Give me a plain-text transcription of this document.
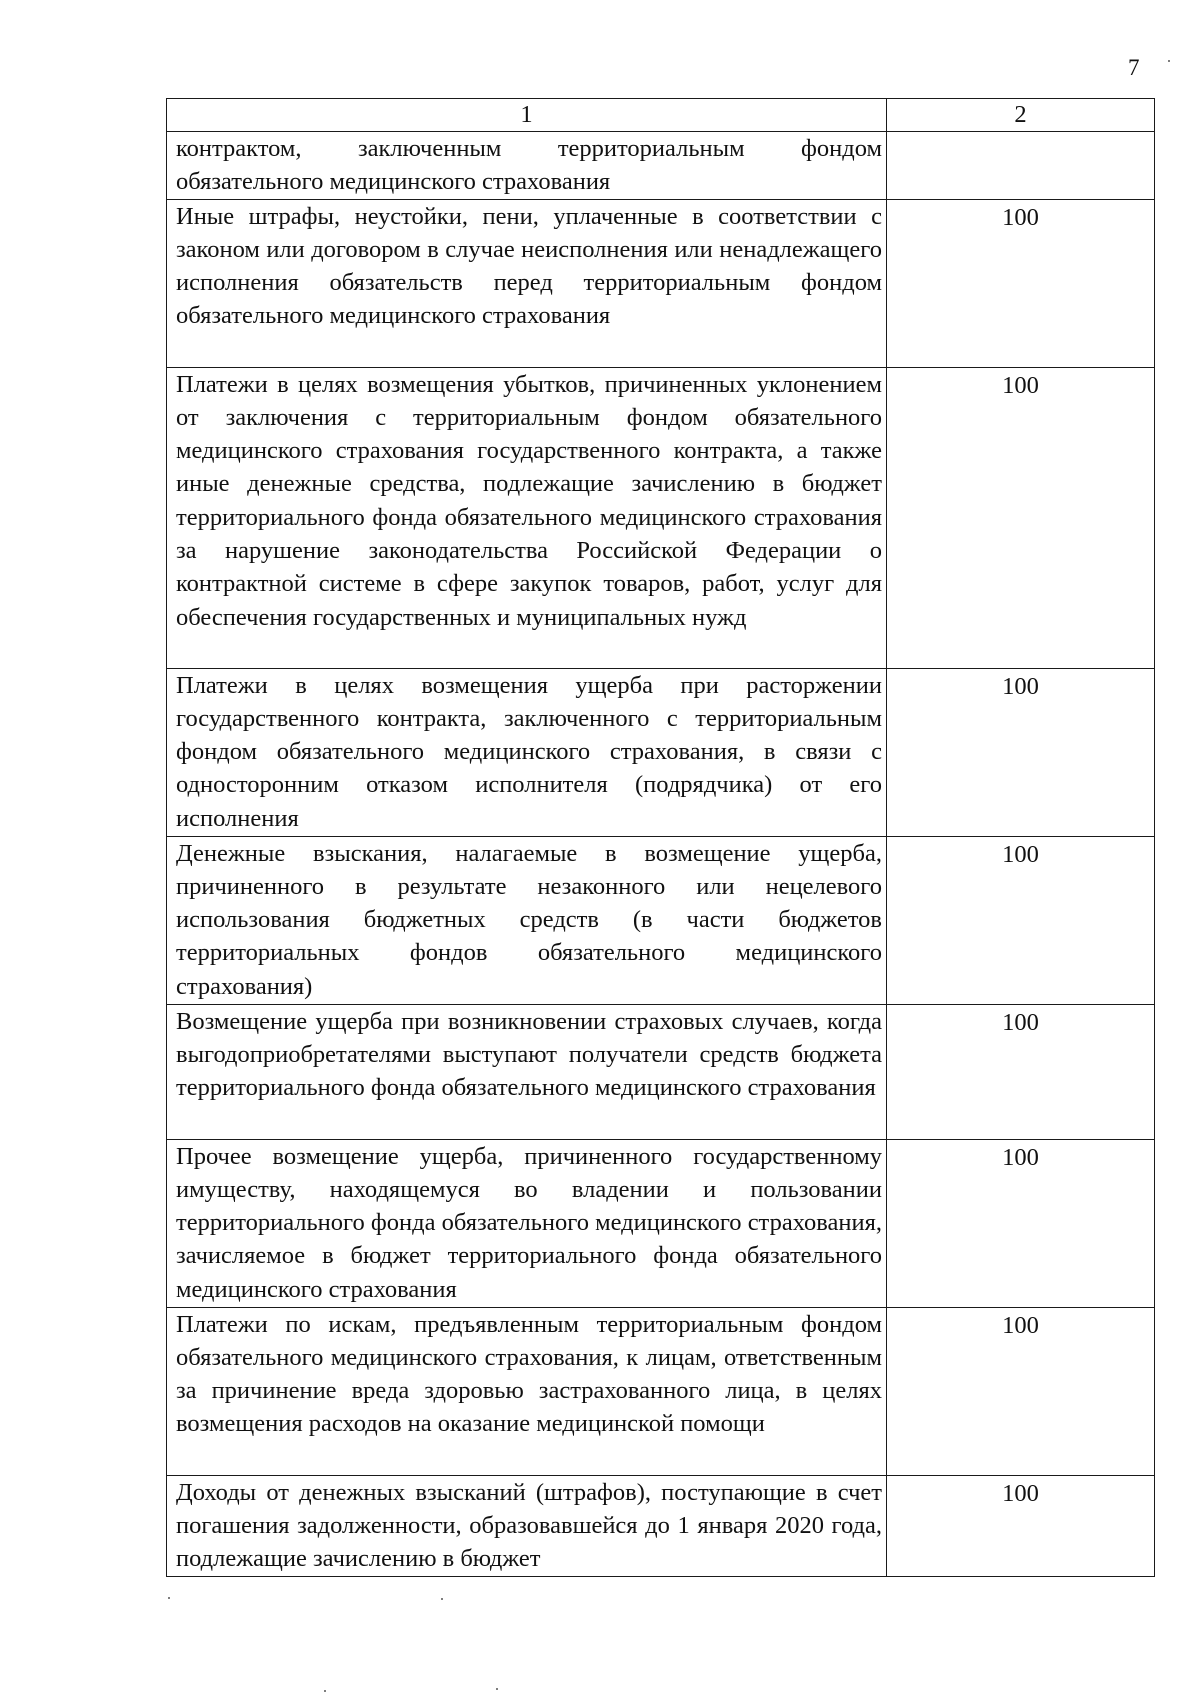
7
1	2

контрактом, заключенным территориальным фондом обязательного медицинского страхования	

Иные штрафы, неустойки, пени, уплаченные в соответствии с законом или договором в случае неисполнения или ненадлежащего исполнения обязательств перед территориальным фондом обязательного медицинского страхования	100

Платежи в целях возмещения убытков, причиненных уклонением от заключения с территориальным фондом обязательного медицинского страхования государственного контракта, а также иные денежные средства, подлежащие зачислению в бюджет территориального фонда обязательного медицинского страхования за нарушение законодательства Российской Федерации о контрактной системе в сфере закупок товаров, работ, услуг для обеспечения государственных и муниципальных нужд	100

Платежи в целях возмещения ущерба при расторжении государственного контракта, заключенного с территориальным фондом обязательного медицинского страхования, в связи с односторонним отказом исполнителя (подрядчика) от его исполнения	100

Денежные взыскания, налагаемые в возмещение ущерба, причиненного в результате незаконного или нецелевого использования бюджетных средств (в части бюджетов территориальных фондов обязательного медицинского страхования)	100

Возмещение ущерба при возникновении страховых случаев, когда выгодоприобретателями выступают получатели средств бюджета территориального фонда обязательного медицинского страхования	100

Прочее возмещение ущерба, причиненного государственному имуществу, находящемуся во владении и пользовании территориального фонда обязательного медицинского страхования, зачисляемое в бюджет территориального фонда обязательного медицинского страхования	100

Платежи по искам, предъявленным территориальным фондом обязательного медицинского страхования, к лицам, ответственным за причинение вреда здоровью застрахованного лица, в целях возмещения расходов на оказание медицинской помощи	100

Доходы от денежных взысканий (штрафов), поступающие в счет погашения задолженности, образовавшейся до 1 января 2020 года, подлежащие зачислению в бюджет	100
